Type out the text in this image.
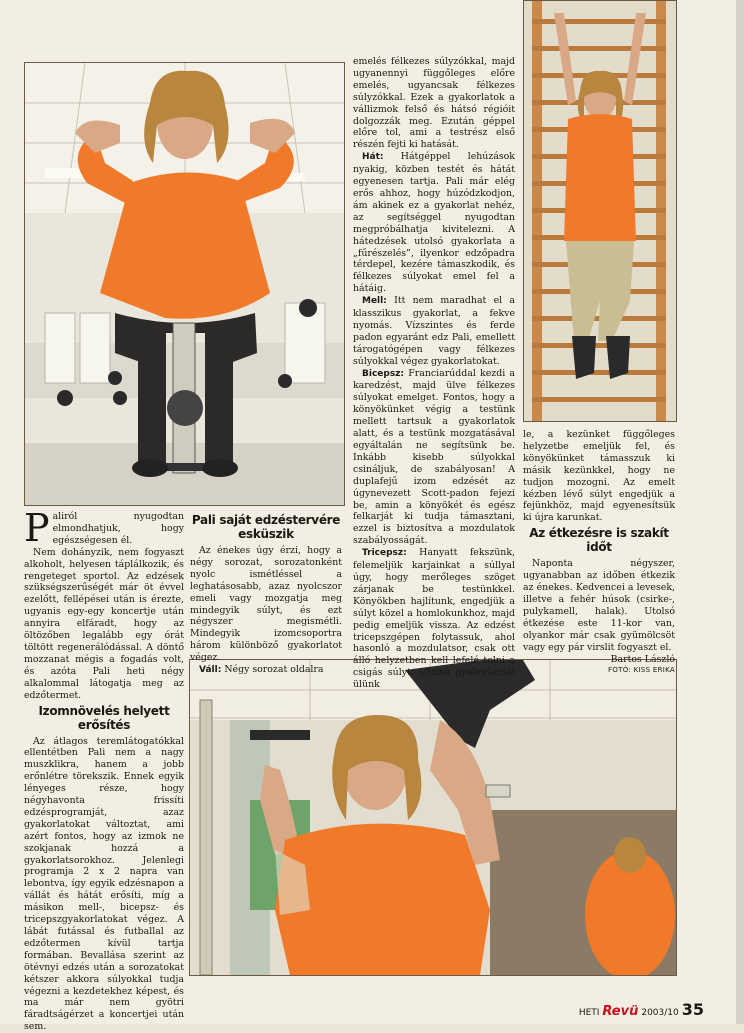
Paliról nyugodtan elmondhatjuk, hogy egészségesen él.

Nem dohányzik, nem fogyaszt alkoholt, helyesen táplálkozik, és rengeteget sportol. Az edzések szükségszerűségét már öt évvel ezelőtt, fellépései után is érezte, ugyanis egy-egy koncertje után annyira elfáradt, hogy az öltözőben legalább egy órát töltött regenerálódással. A döntő mozzanat mégis a fogadás volt, és azóta Pali heti négy alkalommal látogatja meg az edzőtermet.

Izomnövelés helyett erősítés

Az átlagos teremlátogatókkal ellentétben Pali nem a nagy muszklikra, hanem a jobb erőnlétre törekszik. Ennek egyik lényeges része, hogy négyhavonta frissíti edzésprogramját, azaz gyakorlatokat változtat, ami azért fontos, hogy az izmok ne szokjanak hozzá a gyakorlatsorokhoz. Jelenlegi programja 2 x 2 napra van lebontva, így egyik edzésnapon a vállát és hátát erősíti, míg a másikon mell-, bicepsz- és tricepszgyakorlatokat végez. A lábát futással és futballal az edzőtermen kívül tartja formában. Bevallása szerint az ötévnyi edzés után a sorozatokat kétszer akkora súlyokkal tudja végezni a kezdetekhez képest, és ma már nem gyötri fáradtságérzet a koncertjei után sem.

Pali saját edzéstervére esküszik

Az énekes úgy érzi, hogy a négy sorozat, sorozatonként nyolc ismétléssel a leghatásosabb, azaz nyolcszor emeli vagy mozgatja meg mindegyik súlyt, és ezt négyszer megismétli. Mindegyik izomcsoportra három különböző gyakorlatot végez.

Váll: Négy sorozat oldalra

emelés félkezes súlyzókkal, majd ugyanennyi függőleges előre emelés, ugyancsak félkezes súlyzókkal. Ezek a gyakorlatok a vállizmok felső és hátsó régióit dolgozzák meg. Ezután géppel előre tol, ami a testrész első részén fejti ki hatását.

Hát: Hátgéppel lehúzások nyakig, közben testét és hátát egyenesen tartja. Pali már elég erős ahhoz, hogy húzódzkodjon, ám akinek ez a gyakorlat nehéz, az segítséggel nyugodtan megpróbálhatja kivitelezni. A hátedzések utolsó gyakorlata a „fűrészelés”, ilyenkor edzőpadra térdepel, kezére támaszkodik, és félkezes súlyokat emel fel a hátáig.

Mell: Itt nem maradhat el a klasszikus gyakorlat, a fekve nyomás. Vízszintes és ferde padon egyaránt edz Pali, emellett tárogatógépen vagy félkezes súlyokkal végez gyakorlatokat.

Bicepsz: Franciarúddal kezdi a karedzést, majd ülve félkezes súlyokat emelget. Fontos, hogy a könyökünket végig a testünk mellett tartsuk a gyakorlatok alatt, és a testünk mozgatásával egyáltalán ne segítsünk be. Inkább kisebb súlyokkal csináljuk, de szabályosan! A duplafejű izom edzését az úgynevezett Scott-padon fejezi be, amin a könyökét és egész felkarját ki tudja támasztani, ezzel is biztosítva a mozdulatok szabályosságát.

Tricepsz: Hanyatt fekszünk, felemeljük karjainkat a súllyal úgy, hogy merőleges szöget zárjanak be testünkkel. Könyökben hajlítunk, engedjük a súlyt közel a homlokunkhoz, majd pedig emeljük vissza. Az edzést tricepszgépen folytassuk, ahol hasonló a mozdulatsor, csak ott álló helyzetben kell lefelé tolni a csigás súlyt. Utolsó gyakorlatnál ülünk

le, a kezünket függőleges helyzetbe emeljük fel, és könyökünket támasszuk ki másik kezünkkel, hogy ne tudjon mozogni. Az emelt kézben lévő súlyt engedjük a fejünkhöz, majd egyenesítsük ki újra karunkat.

Az étkezésre is szakít időt

Naponta négyszer, ugyanabban az időben étkezik az énekes. Kedvencei a levesek, illetve a fehér húsok (csirke-, pulykamell, halak). Utolsó étkezése este 11-kor van, olyankor már csak gyümölcsöt vagy egy pár virslit fogyaszt el.

Bartos László
FOTÓ: KISS ERIKA
HETI Revü 2003/10 35
